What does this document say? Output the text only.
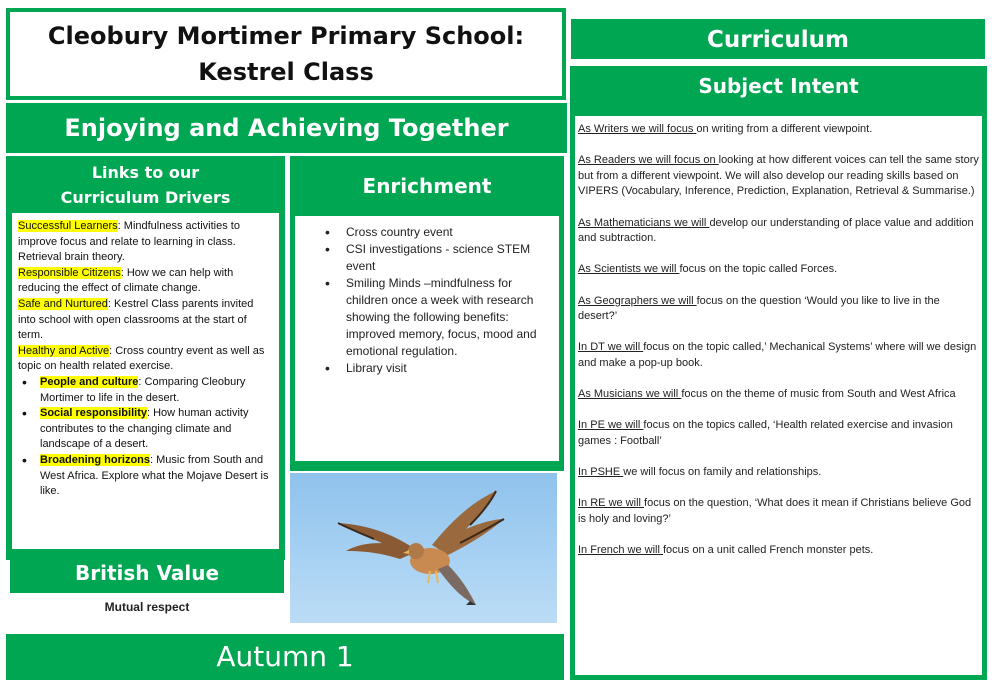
Cleobury Mortimer Primary School:
Kestrel Class
Enjoying and Achieving Together
Links to our
Curriculum Drivers
Successful Learners: Mindfulness activities to improve focus and relate to learning in class. Retrieval brain theory.
Responsible Citizens: How we can help with reducing the effect of climate change.
Safe and Nurtured: Kestrel Class parents invited into school with open classrooms at the start of term.
Healthy and Active: Cross country event as well as topic on health related exercise.
• People and culture: Comparing Cleobury Mortimer to life in the desert.
• Social responsibility: How human activity contributes to the changing climate and landscape of a desert.
• Broadening horizons: Music from South and West Africa. Explore what the Mojave Desert is like.
Enrichment
• Cross country event
• CSI investigations - science STEM event
• Smiling Minds –mindfulness for children once a week with research showing the following benefits: improved memory, focus, mood and emotional regulation.
• Library visit
British Value
Mutual respect
Autumn 1
Curriculum
Subject Intent
As Writers we will focus on writing from a different viewpoint.
As Readers we will focus on looking at how different voices can tell the same story but from a different viewpoint. We will also develop our reading skills based on VIPERS (Vocabulary, Inference, Prediction, Explanation, Retrieval & Summarise.)
As Mathematicians we will develop our understanding of place value and addition and subtraction.
As Scientists we will focus on the topic called Forces.
As Geographers we will focus on the question ‘Would you like to live in the desert?’
In DT we will focus on the topic called,’ Mechanical Systems’ where will we design and make a pop-up book.
As Musicians we will focus on the theme of music from South and West Africa
In PE we will focus on the topics called, ‘Health related exercise and invasion games : Football’
In PSHE we will focus on family and relationships.
In RE we will focus on the question, ‘What does it mean if Christians believe God is holy and loving?’
In French we will focus on a unit called French monster pets.
